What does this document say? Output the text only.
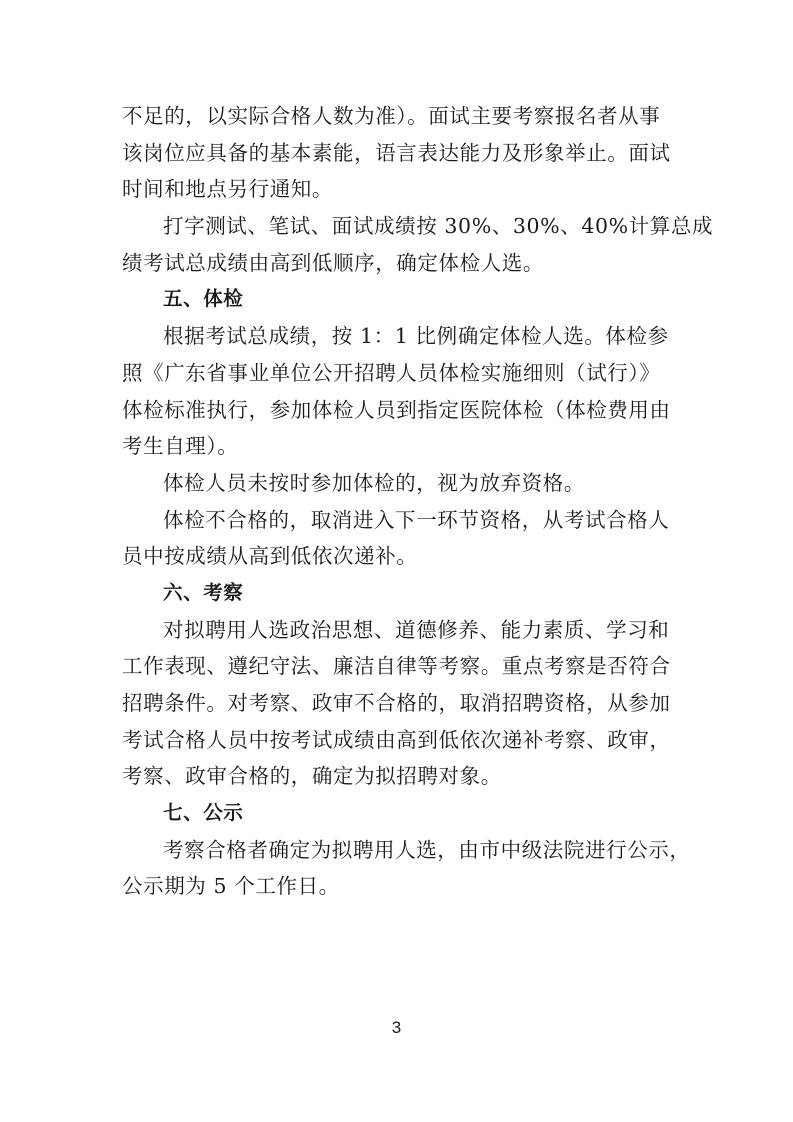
不足的，以实际合格人数为准）。面试主要考察报名者从事
该岗位应具备的基本素能，语言表达能力及形象举止。面试
时间和地点另行通知。
打字测试、笔试、面试成绩按 30%、30%、40%计算总成
绩考试总成绩由高到低顺序，确定体检人选。
五、体检
根据考试总成绩，按 1：1 比例确定体检人选。体检参
照《广东省事业单位公开招聘人员体检实施细则（试行）》
体检标准执行，参加体检人员到指定医院体检（体检费用由
考生自理）。
体检人员未按时参加体检的，视为放弃资格。
体检不合格的，取消进入下一环节资格，从考试合格人
员中按成绩从高到低依次递补。
六、考察
对拟聘用人选政治思想、道德修养、能力素质、学习和
工作表现、遵纪守法、廉洁自律等考察。重点考察是否符合
招聘条件。对考察、政审不合格的，取消招聘资格，从参加
考试合格人员中按考试成绩由高到低依次递补考察、政审，
考察、政审合格的，确定为拟招聘对象。
七、公示
考察合格者确定为拟聘用人选，由市中级法院进行公示，
公示期为 5 个工作日。
3
